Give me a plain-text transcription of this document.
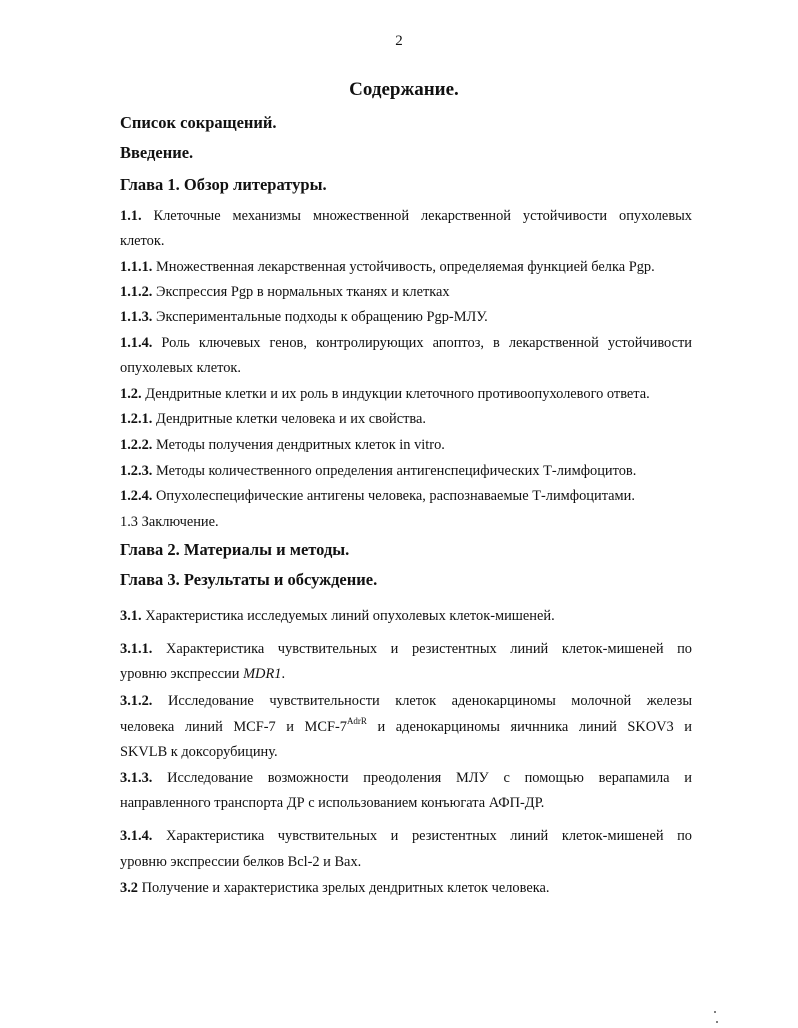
2
Содержание.
Список сокращений.
Введение.
Глава 1. Обзор литературы.
1.1. Клеточные механизмы множественной лекарственной устойчивости опухолевых
клеток.
1.1.1. Множественная лекарственная устойчивость, определяемая функцией белка Pgp.
1.1.2. Экспрессия Pgp в нормальных тканях и клетках
1.1.3. Экспериментальные подходы к обращению Pgp-МЛУ.
1.1.4. Роль ключевых генов, контролирующих апоптоз, в лекарственной устойчивости
опухолевых клеток.
1.2. Дендритные клетки и их роль в индукции клеточного противоопухолевого ответа.
1.2.1. Дендритные клетки человека и их свойства.
1.2.2. Методы получения дендритных клеток in vitro.
1.2.3. Методы количественного определения антигенспецифических Т-лимфоцитов.
1.2.4. Опухолеспецифические антигены человека, распознаваемые Т-лимфоцитами.
1.3 Заключение.
Глава 2. Материалы и методы.
Глава 3. Результаты и обсуждение.
3.1. Характеристика исследуемых линий опухолевых клеток-мишеней.
3.1.1. Характеристика чувствительных и резистентных линий клеток-мишеней по
уровню экспрессии MDR1.
3.1.2. Исследование чувствительности клеток аденокарциномы молочной железы
человека линий MCF-7 и MCF-$7^{AdrR}$ и аденокарциномы яичнника линий SKOV3 и
SKVLB к доксорубицину.
3.1.3. Исследование возможности преодоления МЛУ с помощью верапамила и
направленного транспорта ДР с использованием конъюгата АФП-ДР.
3.1.4. Характеристика чувствительных и резистентных линий клеток-мишеней по
уровню экспрессии белков Bcl-2 и Bax.
3.2 Получение и характеристика зрелых дендритных клеток человека.
